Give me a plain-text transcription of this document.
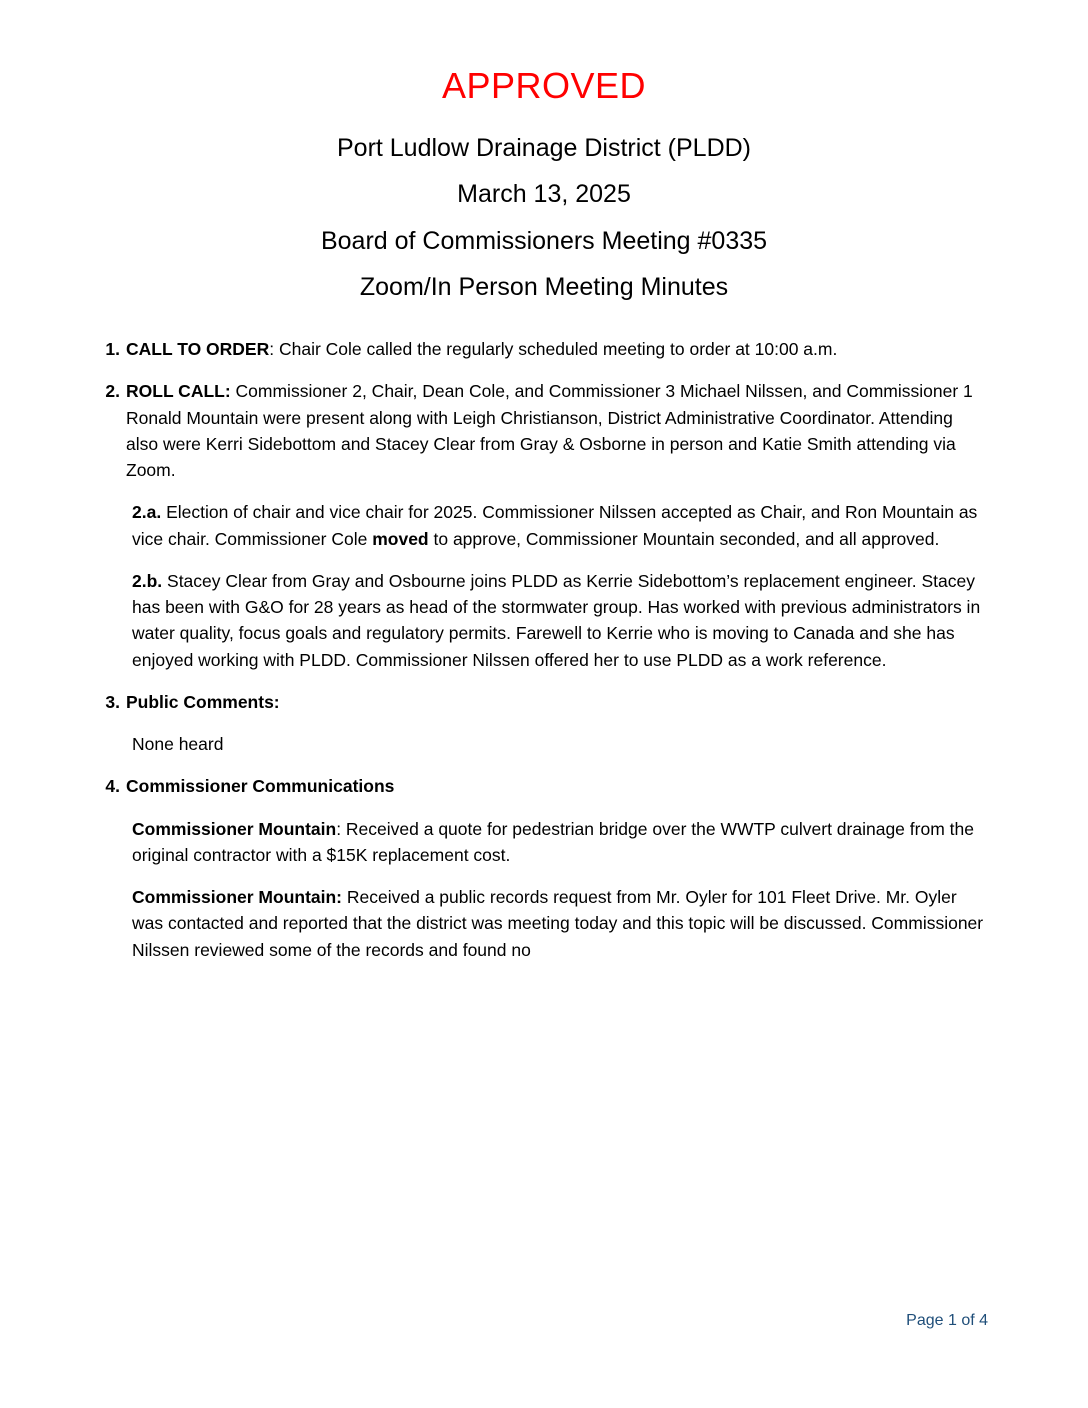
APPROVED
Port Ludlow Drainage District (PLDD)
March 13, 2025
Board of Commissioners Meeting #0335
Zoom/In Person Meeting Minutes
1. CALL TO ORDER: Chair Cole called the regularly scheduled meeting to order at 10:00 a.m.
2. ROLL CALL: Commissioner 2, Chair, Dean Cole, and Commissioner 3 Michael Nilssen, and Commissioner 1 Ronald Mountain were present along with Leigh Christianson, District Administrative Coordinator. Attending also were Kerri Sidebottom and Stacey Clear from Gray & Osborne in person and Katie Smith attending via Zoom.

2.a. Election of chair and vice chair for 2025. Commissioner Nilssen accepted as Chair, and Ron Mountain as vice chair. Commissioner Cole moved to approve, Commissioner Mountain seconded, and all approved.

2.b. Stacey Clear from Gray and Osbourne joins PLDD as Kerrie Sidebottom’s replacement engineer. Stacey has been with G&O for 28 years as head of the stormwater group. Has worked with previous administrators in water quality, focus goals and regulatory permits. Farewell to Kerrie who is moving to Canada and she has enjoyed working with PLDD. Commissioner Nilssen offered her to use PLDD as a work reference.

3. Public Comments:

None heard

4. Commissioner Communications

Commissioner Mountain: Received a quote for pedestrian bridge over the WWTP culvert drainage from the original contractor with a $15K replacement cost.

Commissioner Mountain: Received a public records request from Mr. Oyler for 101 Fleet Drive. Mr. Oyler was contacted and reported that the district was meeting today and this topic will be discussed. Commissioner Nilssen reviewed some of the records and found no

Page 1 of 4
